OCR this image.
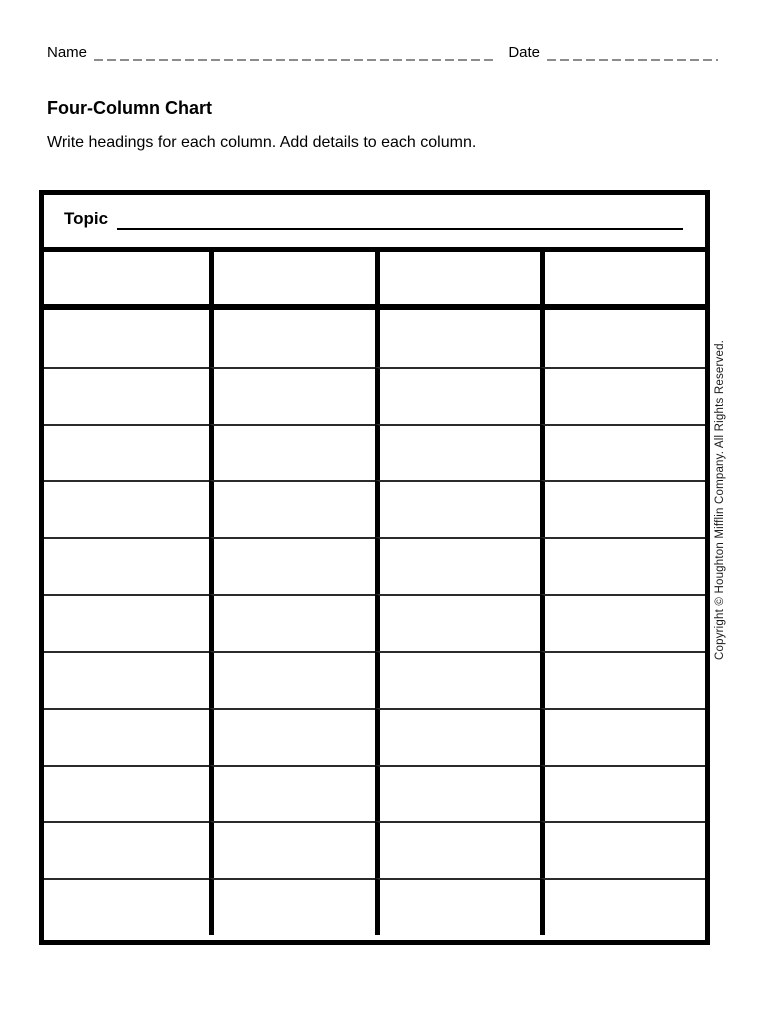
Name	Date
Four-Column Chart

Write headings for each column. Add details to each column.

Topic
Copyright © Houghton Mifflin Company. All Rights Reserved.
